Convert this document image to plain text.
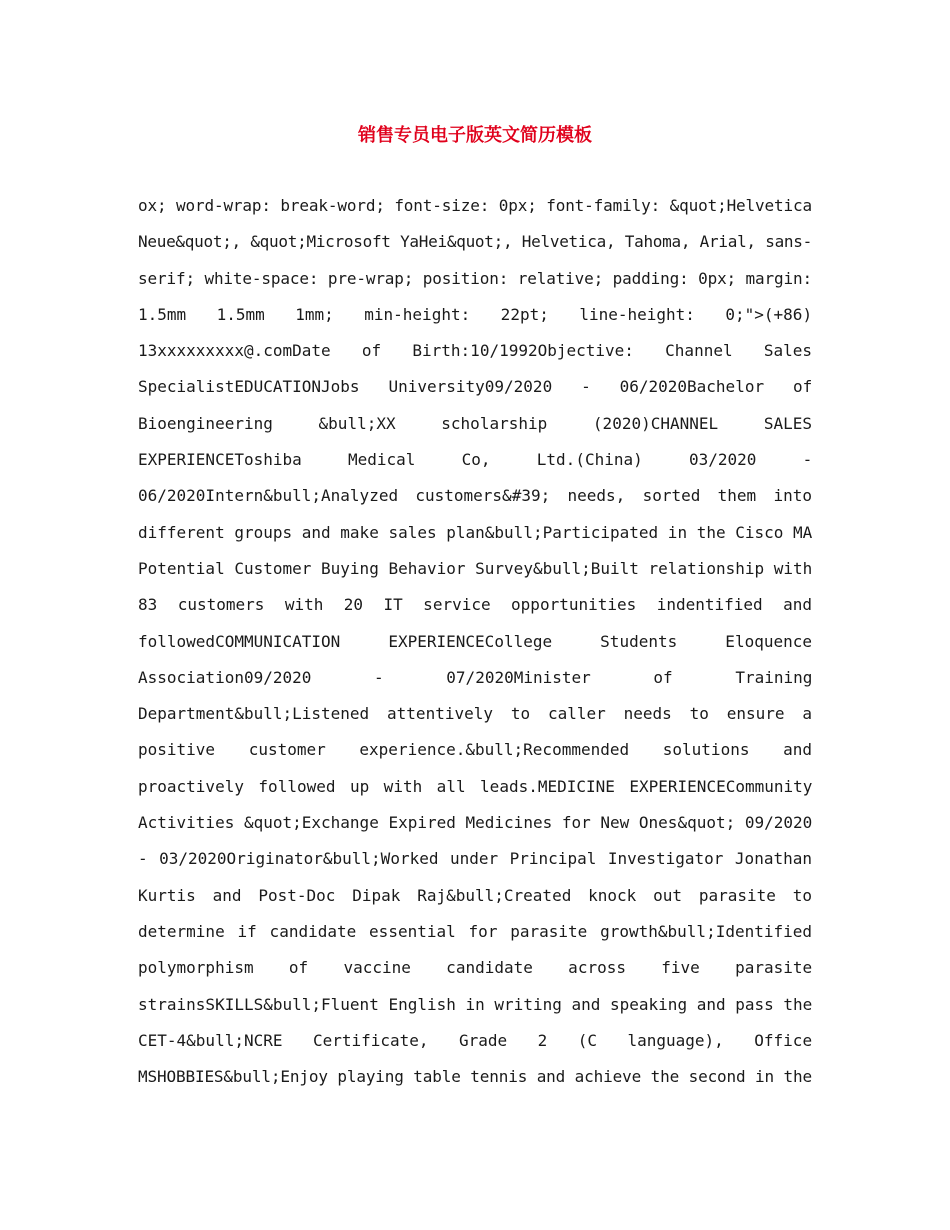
销售专员电子版英文简历模板
ox; word-wrap: break-word; font-size: 0px; font-family: &quot;Helvetica
Neue&quot;, &quot;Microsoft YaHei&quot;, Helvetica, Tahoma, Arial, sans-
serif; white-space: pre-wrap; position: relative; padding: 0px; margin:
1.5mm 1.5mm 1mm; min-height: 22pt; line-height: 0;">(+86)
13xxxxxxxxx@.comDate of Birth:10/1992Objective: Channel Sales
SpecialistEDUCATIONJobs University09/2020 - 06/2020Bachelor of
Bioengineering &bull;XX scholarship (2020)CHANNEL SALES
EXPERIENCEToshiba Medical Co, Ltd.(China) 03/2020 -
06/2020Intern&bull;Analyzed customers&#39; needs, sorted them into
different groups and make sales plan&bull;Participated in the Cisco MA
Potential Customer Buying Behavior Survey&bull;Built relationship with
83 customers with 20 IT service opportunities indentified and
followedCOMMUNICATION EXPERIENCECollege Students Eloquence
Association09/2020 - 07/2020Minister of Training
Department&bull;Listened attentively to caller needs to ensure a
positive customer experience.&bull;Recommended solutions and
proactively followed up with all leads.MEDICINE EXPERIENCECommunity
Activities &quot;Exchange Expired Medicines for New Ones&quot; 09/2020
- 03/2020Originator&bull;Worked under Principal Investigator Jonathan
Kurtis and Post-Doc Dipak Raj&bull;Created knock out parasite to
determine if candidate essential for parasite growth&bull;Identified
polymorphism of vaccine candidate across five parasite
strainsSKILLS&bull;Fluent English in writing and speaking and pass the
CET-4&bull;NCRE Certificate, Grade 2 (C language), Office
MSHOBBIES&bull;Enjoy playing table tennis and achieve the second in the
